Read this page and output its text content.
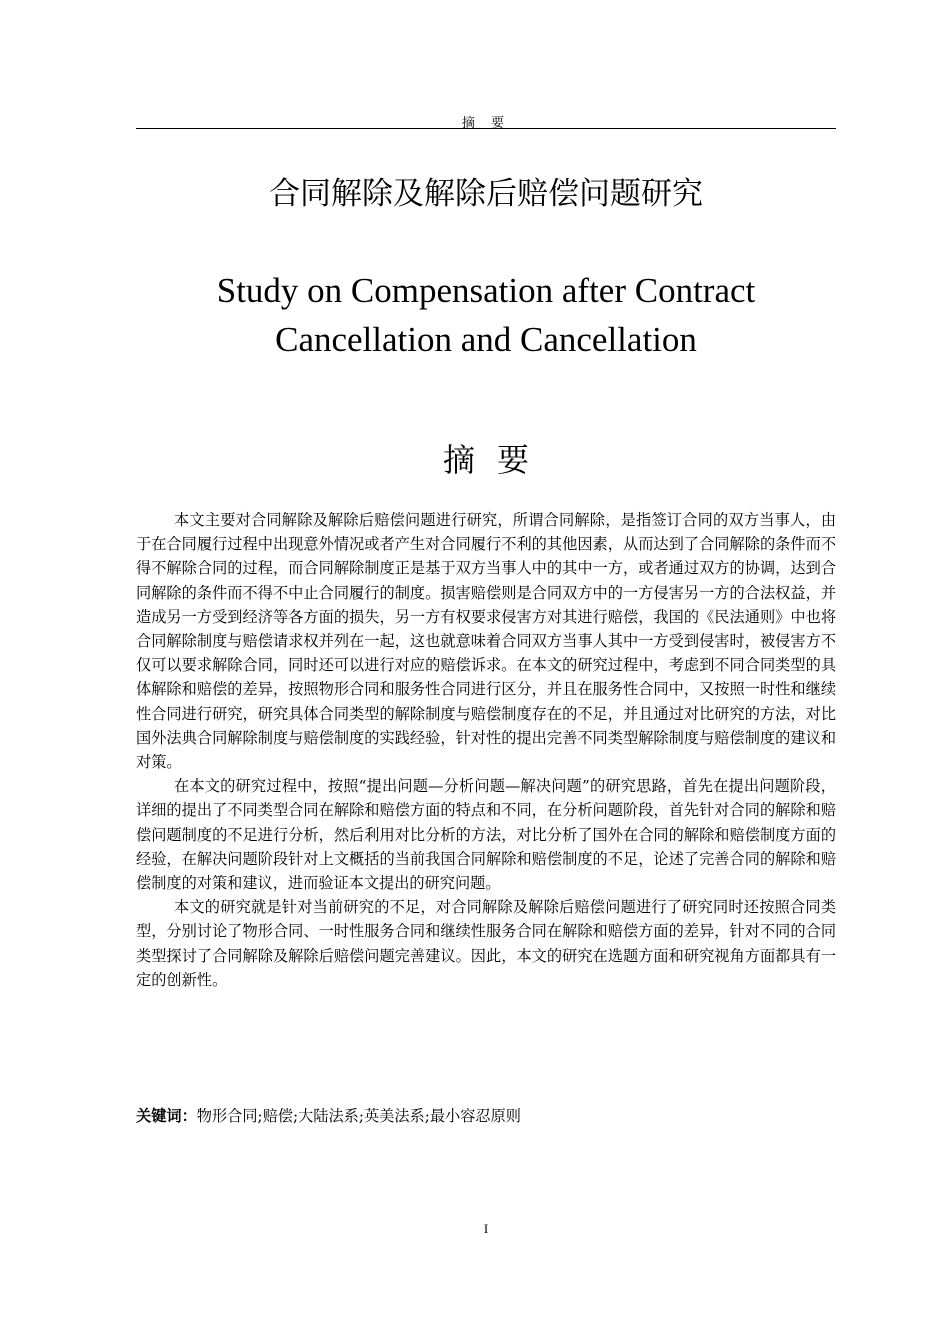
摘 要
合同解除及解除后赔偿问题研究
Study on Compensation after Contract
Cancellation and Cancellation
摘要

本文主要对合同解除及解除后赔偿问题进行研究，所谓合同解除，是指签订合同的双方当事人，由于在合同履行过程中出现意外情况或者产生对合同履行不利的其他因素，从而达到了合同解除的条件而不得不解除合同的过程，而合同解除制度正是基于双方当事人中的其中一方，或者通过双方的协调，达到合同解除的条件而不得不中止合同履行的制度。损害赔偿则是合同双方中的一方侵害另一方的合法权益，并造成另一方受到经济等各方面的损失，另一方有权要求侵害方对其进行赔偿，我国的《民法通则》中也将合同解除制度与赔偿请求权并列在一起，这也就意味着合同双方当事人其中一方受到侵害时，被侵害方不仅可以要求解除合同，同时还可以进行对应的赔偿诉求。在本文的研究过程中，考虑到不同合同类型的具体解除和赔偿的差异，按照物形合同和服务性合同进行区分，并且在服务性合同中，又按照一时性和继续性合同进行研究，研究具体合同类型的解除制度与赔偿制度存在的不足，并且通过对比研究的方法，对比国外法典合同解除制度与赔偿制度的实践经验，针对性的提出完善不同类型解除制度与赔偿制度的建议和对策。

在本文的研究过程中，按照“提出问题—分析问题—解决问题”的研究思路，首先在提出问题阶段，详细的提出了不同类型合同在解除和赔偿方面的特点和不同，在分析问题阶段，首先针对合同的解除和赔偿问题制度的不足进行分析，然后利用对比分析的方法，对比分析了国外在合同的解除和赔偿制度方面的经验，在解决问题阶段针对上文概括的当前我国合同解除和赔偿制度的不足，论述了完善合同的解除和赔偿制度的对策和建议，进而验证本文提出的研究问题。

本文的研究就是针对当前研究的不足，对合同解除及解除后赔偿问题进行了研究同时还按照合同类型，分别讨论了物形合同、一时性服务合同和继续性服务合同在解除和赔偿方面的差异，针对不同的合同类型探讨了合同解除及解除后赔偿问题完善建议。因此，本文的研究在选题方面和研究视角方面都具有一定的创新性。

关键词：物形合同;赔偿;大陆法系;英美法系;最小容忍原则
I
